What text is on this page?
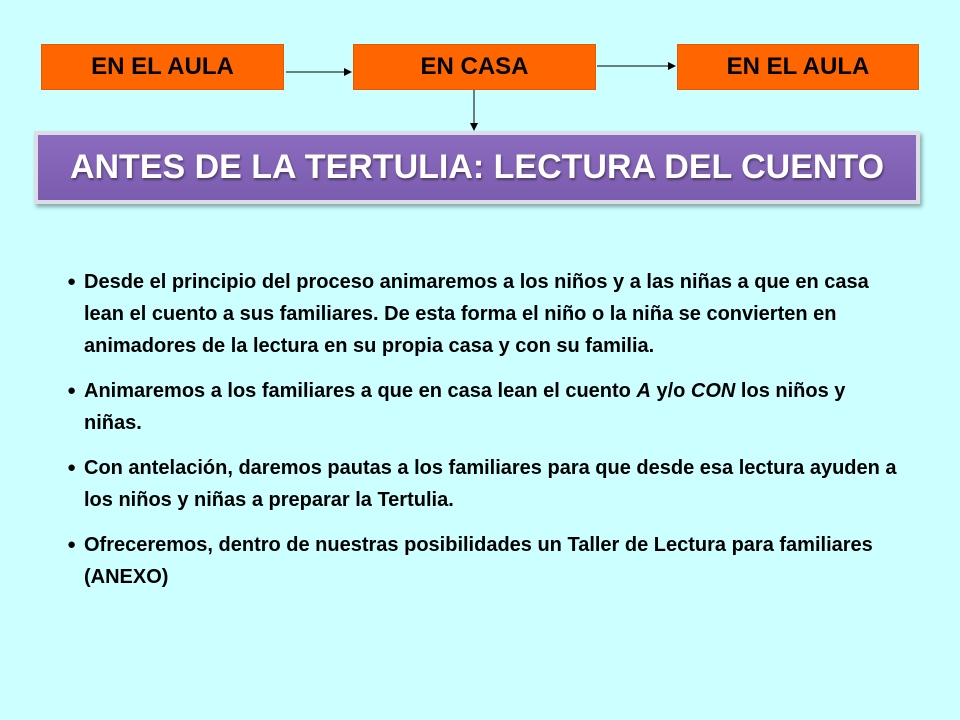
EN EL AULA	EN CASA	EN EL AULA
ANTES DE LA TERTULIA: LECTURA DEL CUENTO
● Desde el principio del proceso animaremos a los niños y a las niñas a que en casa lean el cuento a sus familiares. De esta forma el niño o la niña se convierten en animadores de la lectura en su propia casa y con su familia.
● Animaremos a los familiares a que en casa lean el cuento A y/o CON los niños y niñas.
● Con antelación, daremos pautas a los familiares para que desde esa lectura ayuden a los niños y niñas a preparar la Tertulia.
● Ofreceremos, dentro de nuestras posibilidades un Taller de Lectura para familiares (ANEXO)
